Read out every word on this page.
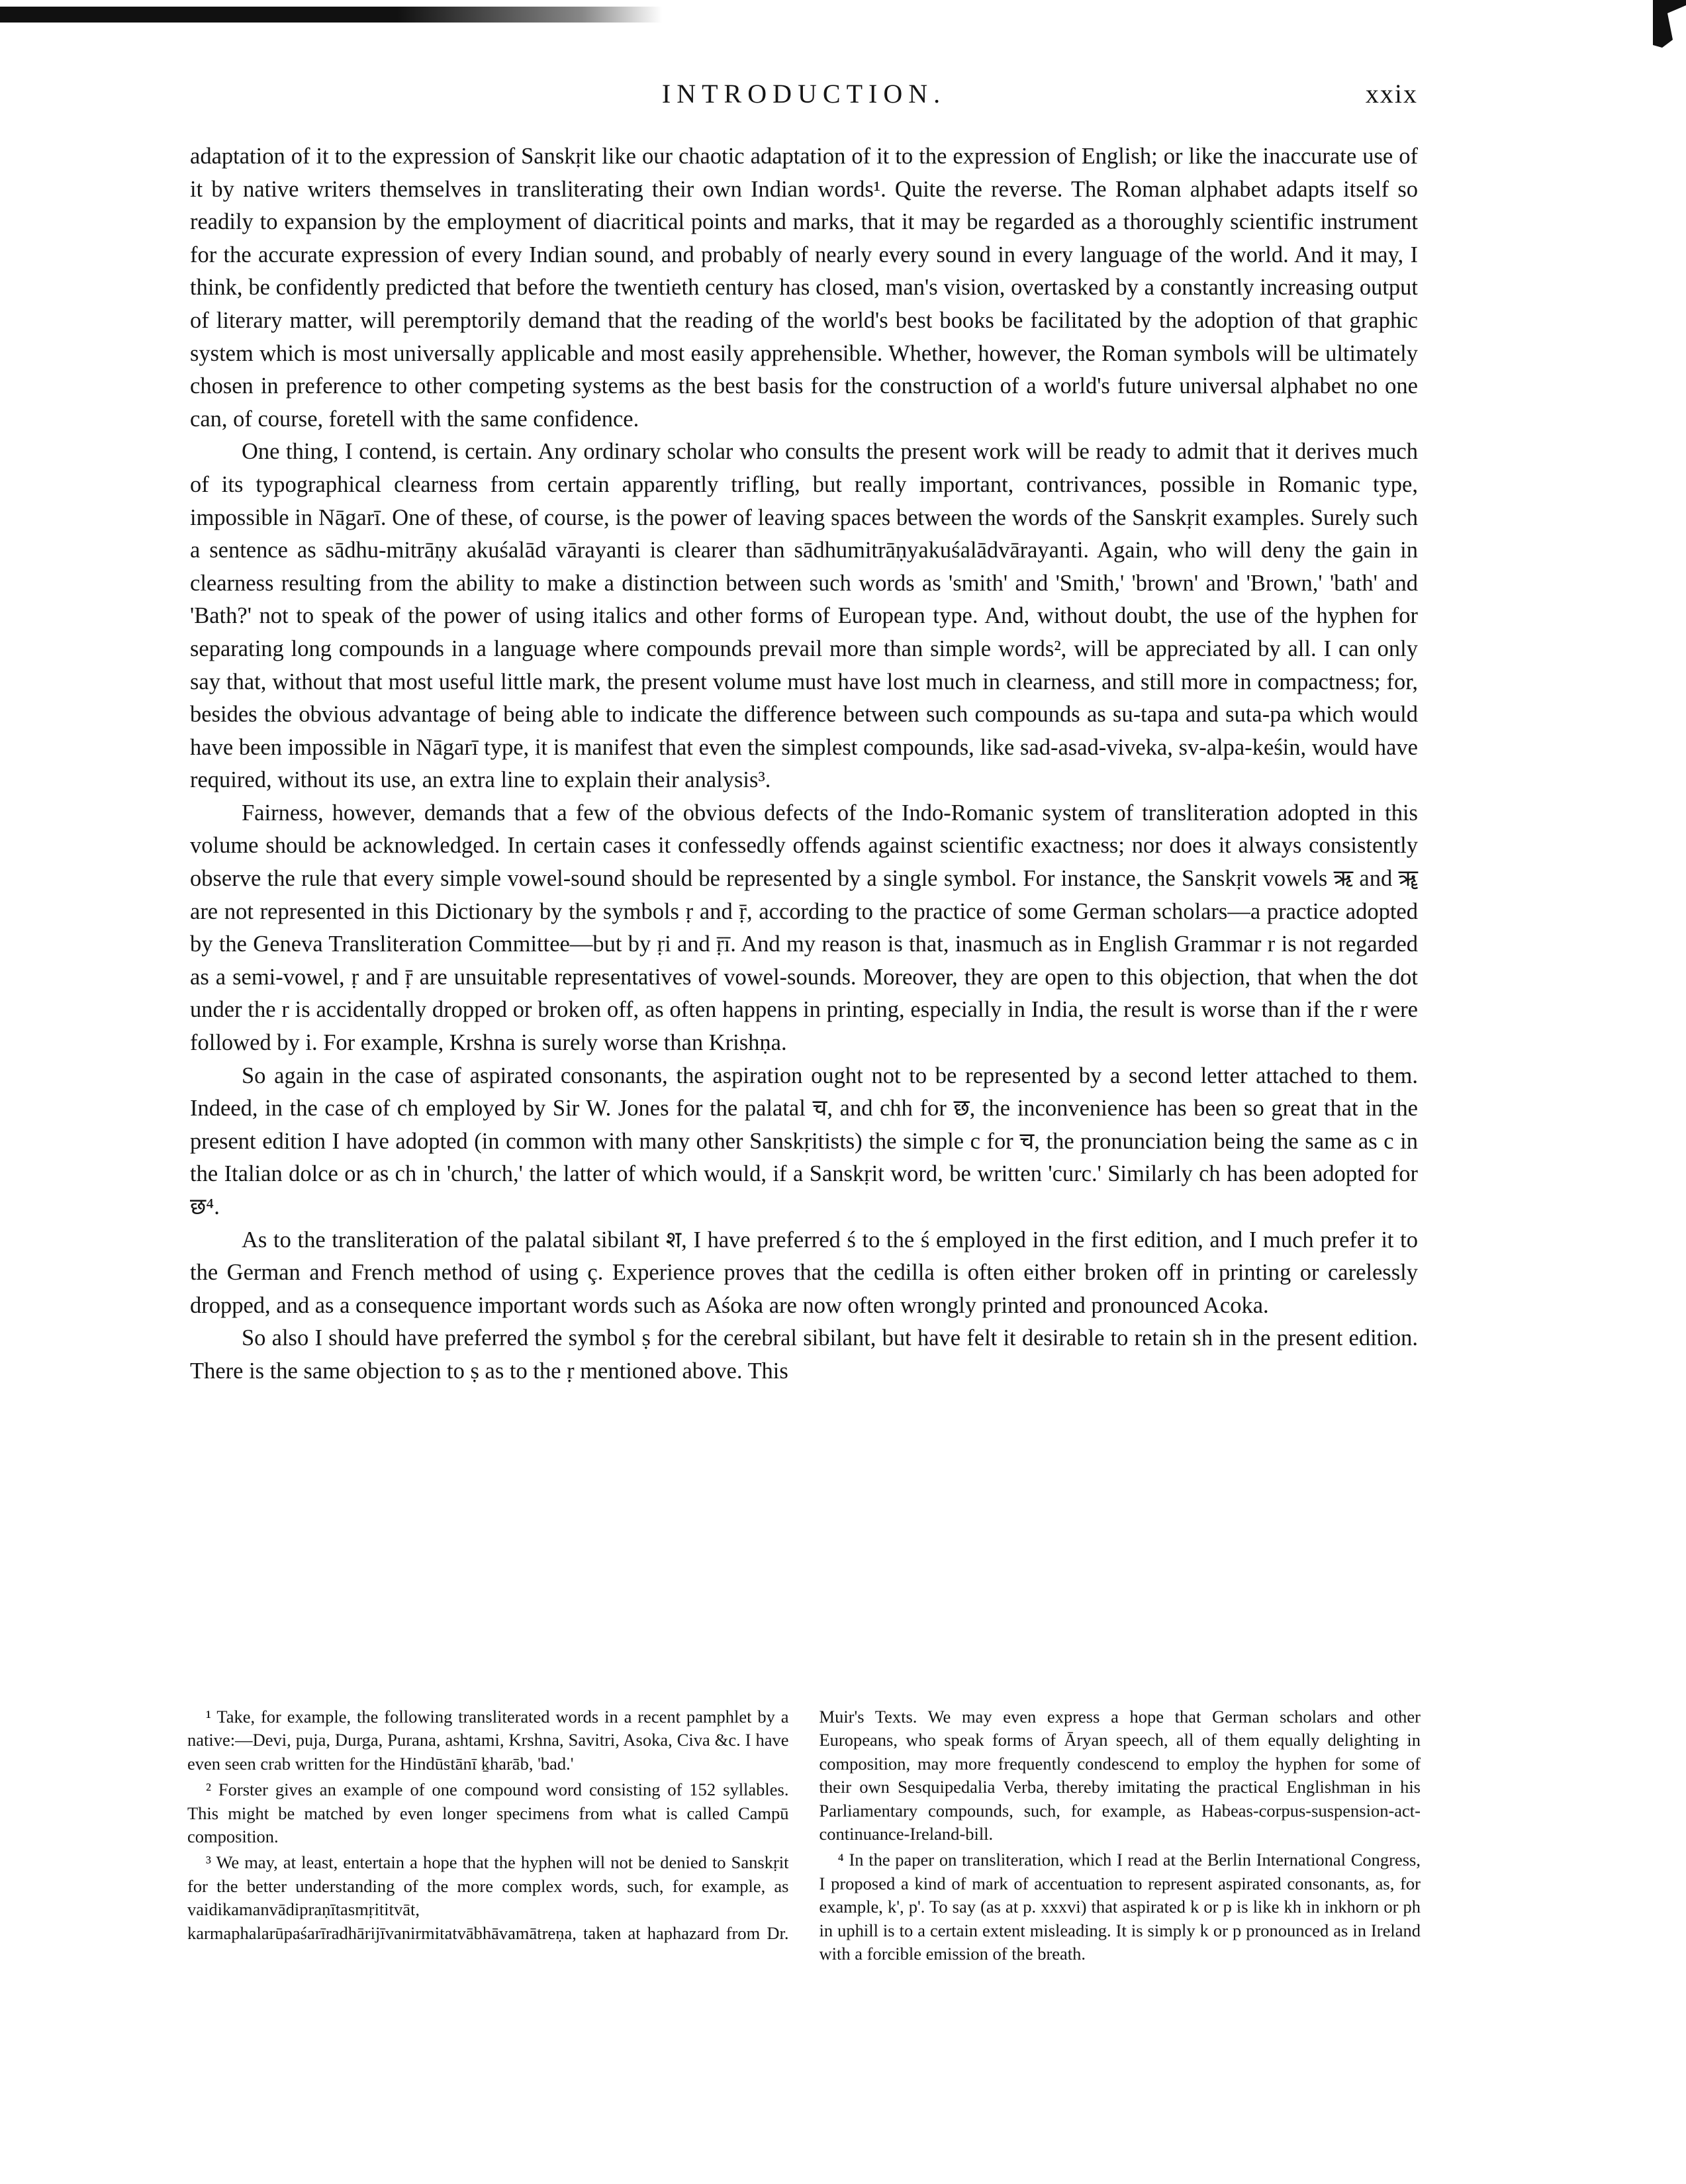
INTRODUCTION.	xxix

adaptation of it to the expression of Sanskṛit like our chaotic adaptation of it to the expression of English; or like the inaccurate use of it by native writers themselves in transliterating their own Indian words¹. Quite the reverse. The Roman alphabet adapts itself so readily to expansion by the employment of diacritical points and marks, that it may be regarded as a thoroughly scientific instrument for the accurate expression of every Indian sound, and probably of nearly every sound in every language of the world. And it may, I think, be confidently predicted that before the twentieth century has closed, man's vision, overtasked by a constantly increasing output of literary matter, will peremptorily demand that the reading of the world's best books be facilitated by the adoption of that graphic system which is most universally applicable and most easily apprehensible. Whether, however, the Roman symbols will be ultimately chosen in preference to other competing systems as the best basis for the construction of a world's future universal alphabet no one can, of course, foretell with the same confidence.

One thing, I contend, is certain. Any ordinary scholar who consults the present work will be ready to admit that it derives much of its typographical clearness from certain apparently trifling, but really important, contrivances, possible in Romanic type, impossible in Nāgarī. One of these, of course, is the power of leaving spaces between the words of the Sanskṛit examples. Surely such a sentence as sādhu-mitrāṇy akuśalād vārayanti is clearer than sādhumitrāṇyakuśalādvārayanti. Again, who will deny the gain in clearness resulting from the ability to make a distinction between such words as 'smith' and 'Smith,' 'brown' and 'Brown,' 'bath' and 'Bath?' not to speak of the power of using italics and other forms of European type. And, without doubt, the use of the hyphen for separating long compounds in a language where compounds prevail more than simple words², will be appreciated by all. I can only say that, without that most useful little mark, the present volume must have lost much in clearness, and still more in compactness; for, besides the obvious advantage of being able to indicate the difference between such compounds as su-tapa and suta-pa which would have been impossible in Nāgarī type, it is manifest that even the simplest compounds, like sad-asad-viveka, sv-alpa-keśin, would have required, without its use, an extra line to explain their analysis³.

Fairness, however, demands that a few of the obvious defects of the Indo-Romanic system of transliteration adopted in this volume should be acknowledged. In certain cases it confessedly offends against scientific exactness; nor does it always consistently observe the rule that every simple vowel-sound should be represented by a single symbol. For instance, the Sanskṛit vowels ऋ and ॠ are not represented in this Dictionary by the symbols ṛ and ṝ, according to the practice of some German scholars—a practice adopted by the Geneva Transliteration Committee—but by ṛi and ṝī. And my reason is that, inasmuch as in English Grammar r is not regarded as a semi-vowel, ṛ and ṝ are unsuitable representatives of vowel-sounds. Moreover, they are open to this objection, that when the dot under the r is accidentally dropped or broken off, as often happens in printing, especially in India, the result is worse than if the r were followed by i. For example, Krshna is surely worse than Krishṇa.

So again in the case of aspirated consonants, the aspiration ought not to be represented by a second letter attached to them. Indeed, in the case of ch employed by Sir W. Jones for the palatal च, and chh for छ, the inconvenience has been so great that in the present edition I have adopted (in common with many other Sanskṛitists) the simple c for च, the pronunciation being the same as c in the Italian dolce or as ch in 'church,' the latter of which would, if a Sanskṛit word, be written 'curc.' Similarly ch has been adopted for छ⁴.

As to the transliteration of the palatal sibilant श, I have preferred ś to the ś employed in the first edition, and I much prefer it to the German and French method of using ç. Experience proves that the cedilla is often either broken off in printing or carelessly dropped, and as a consequence important words such as Aśoka are now often wrongly printed and pronounced Acoka.

So also I should have preferred the symbol ṣ for the cerebral sibilant, but have felt it desirable to retain sh in the present edition. There is the same objection to ṣ as to the ṛ mentioned above. This

¹ Take, for example, the following transliterated words in a recent pamphlet by a native:—Devi, puja, Durga, Purana, ashtami, Krshna, Savitri, Asoka, Civa &c. I have even seen crab written for the Hindūstānī ḵharāb, 'bad.'

² Forster gives an example of one compound word consisting of 152 syllables. This might be matched by even longer specimens from what is called Campū composition.

³ We may, at least, entertain a hope that the hyphen will not be denied to Sanskṛit for the better understanding of the more complex words, such, for example, as vaidikamanvādipraṇītasmṛititvāt, karmaphalarūpaśarīradhārijīvanirmitatvābhāvamātreṇa, taken at haphazard from Dr. Muir's Texts. We may even express a hope that German scholars and other Europeans, who speak forms of Āryan speech, all of them equally delighting in composition, may more frequently condescend to employ the hyphen for some of their own Sesquipedalia Verba, thereby imitating the practical Englishman in his Parliamentary compounds, such, for example, as Habeas-corpus-suspension-act-continuance-Ireland-bill.

⁴ In the paper on transliteration, which I read at the Berlin International Congress, I proposed a kind of mark of accentuation to represent aspirated consonants, as, for example, k', p'. To say (as at p. xxxvi) that aspirated k or p is like kh in inkhorn or ph in uphill is to a certain extent misleading. It is simply k or p pronounced as in Ireland with a forcible emission of the breath.
